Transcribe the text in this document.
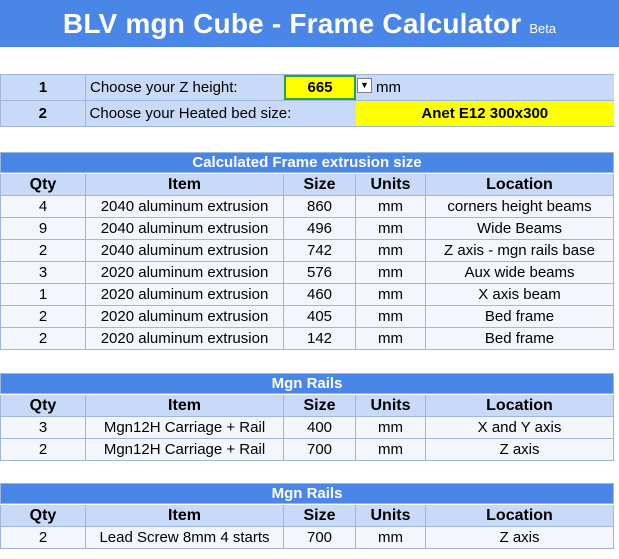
BLV mgn Cube - Frame Calculator Beta
1	Choose your Z height:	665	▼ mm
2	Choose your Heated bed size:	Anet E12 300x300
Calculated Frame extrusion size
Qty	Item	Size	Units	Location
4	2040 aluminum extrusion	860	mm	corners height beams
9	2040 aluminum extrusion	496	mm	Wide Beams
2	2040 aluminum extrusion	742	mm	Z axis - mgn rails base
3	2020 aluminum extrusion	576	mm	Aux wide beams
1	2020 aluminum extrusion	460	mm	X axis beam
2	2020 aluminum extrusion	405	mm	Bed frame
2	2020 aluminum extrusion	142	mm	Bed frame
Mgn Rails
Qty	Item	Size	Units	Location
3	Mgn12H Carriage + Rail	400	mm	X and Y axis
2	Mgn12H Carriage + Rail	700	mm	Z axis
Mgn Rails
Qty	Item	Size	Units	Location
2	Lead Screw 8mm 4 starts	700	mm	Z axis
